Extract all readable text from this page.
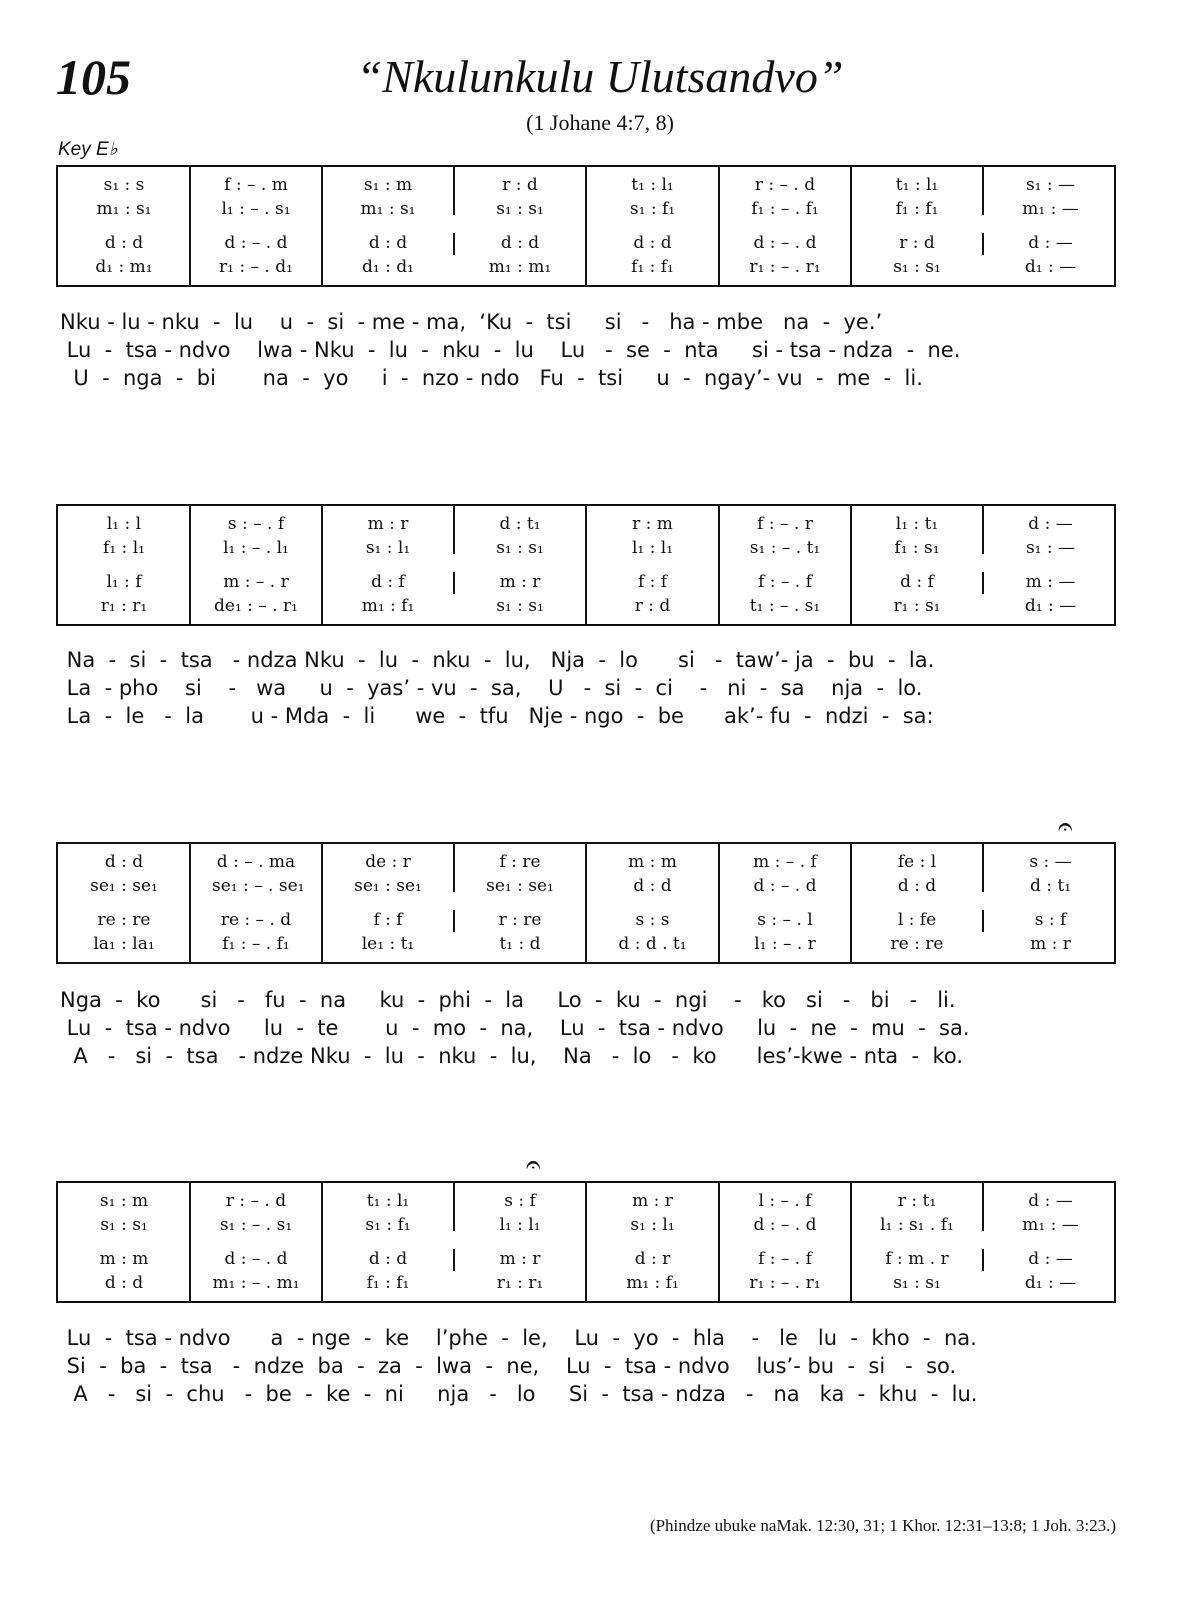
105	“Nkulunkulu Ulutsandvo”
(1 Johane 4:7, 8)
Key E♭
s₁ : s	f : – . m	s₁ : m	r : d	t₁ : l₁	r : – . d	t₁ : l₁	s₁ : —
m₁ : s₁	l₁ : – . s₁	m₁ : s₁	s₁ : s₁	s₁ : f₁	f₁ : – . f₁	f₁ : f₁	m₁ : —
d : d	d : – . d	d : d	d : d	d : d	d : – . d	r : d	d : —
d₁ : m₁	r₁ : – . d₁	d₁ : d₁	m₁ : m₁	f₁ : f₁	r₁ : – . r₁	s₁ : s₁	d₁ : —
Nku - lu - nku  -  lu    u  -  si  - me - ma,  ‘Ku  -  tsi     si   -   ha - mbe   na  -  ye.’
Lu  -  tsa - ndvo    lwa - Nku  -  lu  -  nku  -  lu    Lu   -  se  -  nta     si - tsa - ndza  -  ne.
U  -  nga  -  bi       na  -  yo     i  -  nzo - ndo   Fu  -  tsi     u  -  ngay’- vu  -  me  -  li.
l₁ : l	s : – . f	m : r	d : t₁	r : m	f : – . r	l₁ : t₁	d : —
f₁ : l₁	l₁ : – . l₁	s₁ : l₁	s₁ : s₁	l₁ : l₁	s₁ : – . t₁	f₁ : s₁	s₁ : —
l₁ : f	m : – . r	d : f	m : r	f : f	f : – . f	d : f	m : —
r₁ : r₁	de₁ : – . r₁	m₁ : f₁	s₁ : s₁	r : d	t₁ : – . s₁	r₁ : s₁	d₁ : —
Na  -  si  -  tsa   - ndza Nku  -  lu  -  nku  -  lu,   Nja  -  lo      si   -  taw’- ja  -  bu  -  la.
La  - pho    si    -   wa     u  -  yas’ - vu  -  sa,    U   -  si  -  ci    -   ni  -  sa    nja  -  lo.
La  -  le   -  la       u - Mda  -  li      we  -  tfu   Nje - ngo  -  be      ak’- fu  -  ndzi  -  sa:
d : d	d : – . ma	de : r	f : re	m : m	m : – . f	fe : l	s : —
se₁ : se₁	se₁ : – . se₁	se₁ : se₁	se₁ : se₁	d : d	d : – . d	d : d	d : t₁
re : re	re : – . d	f : f	r : re	s : s	s : – . l	l : fe	s : f
la₁ : la₁	f₁ : – . f₁	le₁ : t₁	t₁ : d	d : d . t₁	l₁ : – . r	re : re	m : r
Nga  -  ko      si   -   fu  -  na     ku  -  phi  -  la     Lo  -  ku  -  ngi    -   ko   si   -   bi   -   li.
Lu  -  tsa - ndvo     lu  -  te       u  -  mo  -  na,    Lu  -  tsa - ndvo     lu  -  ne  -  mu  -  sa.
A   -   si  -  tsa   - ndze Nku  -  lu  -  nku  -  lu,    Na   -  lo   -  ko      les’-kwe - nta  -  ko.
s₁ : m	r : – . d	t₁ : l₁	s : f	m : r	l : – . f	r : t₁	d : —
s₁ : s₁	s₁ : – . s₁	s₁ : f₁	l₁ : l₁	s₁ : l₁	d : – . d	l₁ : s₁ . f₁	m₁ : —
m : m	d : – . d	d : d	m : r	d : r	f : – . f	f : m . r	d : —
d : d	m₁ : – . m₁	f₁ : f₁	r₁ : r₁	m₁ : f₁	r₁ : – . r₁	s₁ : s₁	d₁ : —
Lu  -  tsa - ndvo      a  - nge  -  ke    l’phe  -  le,    Lu  -  yo  -  hla    -   le   lu  -  kho  -  na.
Si  -  ba  -  tsa   -  ndze  ba  -  za  -  lwa  -  ne,    Lu  -  tsa - ndvo    lus’- bu  -  si   -  so.
A   -   si  -  chu   -  be  -  ke  -  ni     nja   -   lo     Si  -  tsa - ndza   -   na   ka  -  khu  -  lu.
𝄐
𝄐
(Phindze ubuke naMak. 12:30, 31; 1 Khor. 12:31–13:8; 1 Joh. 3:23.)
